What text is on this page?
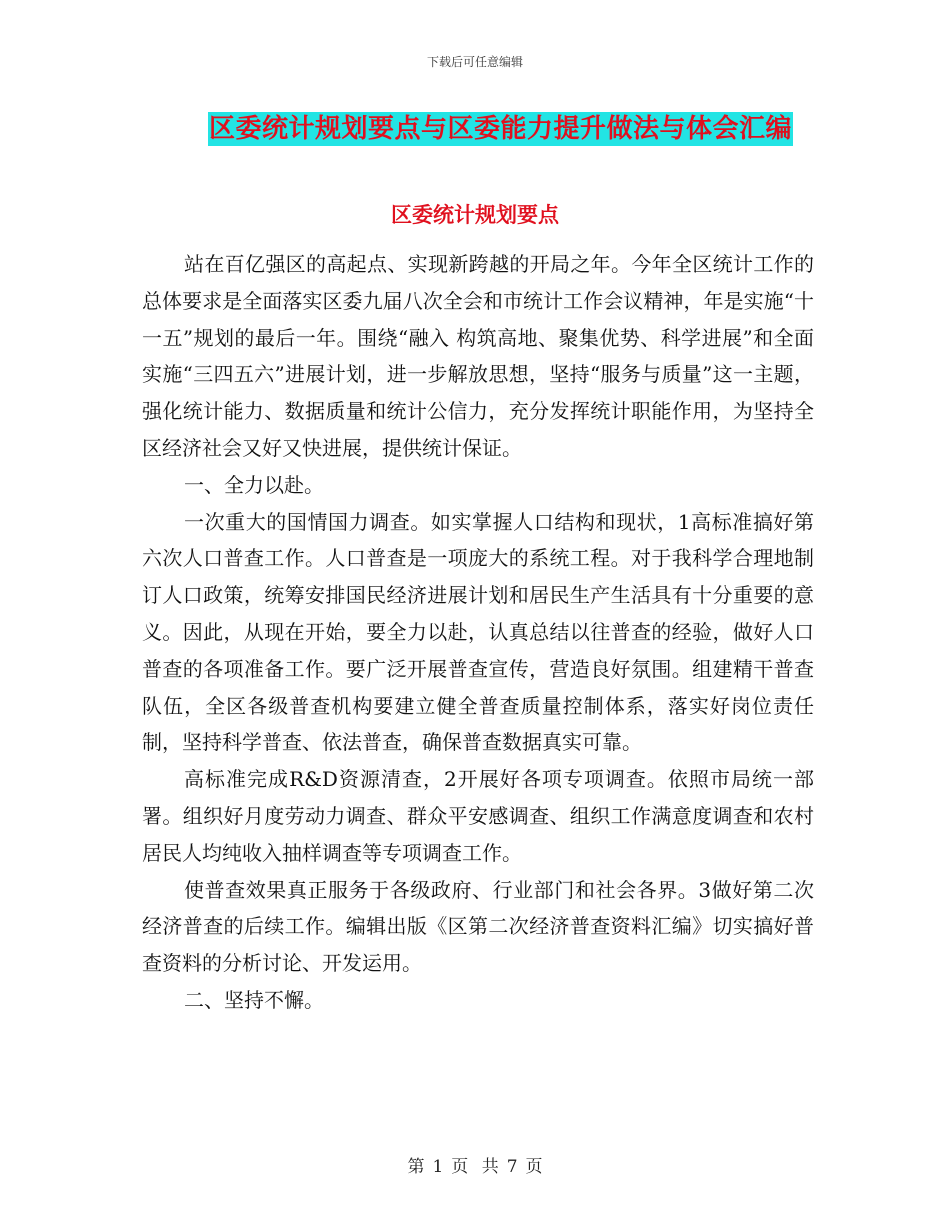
下载后可任意编辑
区委统计规划要点与区委能力提升做法与体会汇编
区委统计规划要点

站在百亿强区的高起点、实现新跨越的开局之年。今年全区统计工作的总体要求是全面落实区委九届八次全会和市统计工作会议精神，年是实施“十一五”规划的最后一年。围绕“融入 构筑高地、聚集优势、科学进展”和全面实施“三四五六”进展计划，进一步解放思想，坚持“服务与质量”这一主题，强化统计能力、数据质量和统计公信力，充分发挥统计职能作用，为坚持全区经济社会又好又快进展，提供统计保证。

一、全力以赴。

一次重大的国情国力调查。如实掌握人口结构和现状，1高标准搞好第六次人口普查工作。人口普查是一项庞大的系统工程。对于我科学合理地制订人口政策，统筹安排国民经济进展计划和居民生产生活具有十分重要的意义。因此，从现在开始，要全力以赴，认真总结以往普查的经验，做好人口普查的各项准备工作。要广泛开展普查宣传，营造良好氛围。组建精干普查队伍，全区各级普查机构要建立健全普查质量控制体系，落实好岗位责任制，坚持科学普查、依法普查，确保普查数据真实可靠。

高标准完成R&D资源清查，2开展好各项专项调查。依照市局统一部署。组织好月度劳动力调查、群众平安感调查、组织工作满意度调查和农村居民人均纯收入抽样调查等专项调查工作。

使普查效果真正服务于各级政府、行业部门和社会各界。3做好第二次经济普查的后续工作。编辑出版《区第二次经济普查资料汇编》切实搞好普查资料的分析讨论、开发运用。

二、坚持不懈。

第 1 页 共 7 页
